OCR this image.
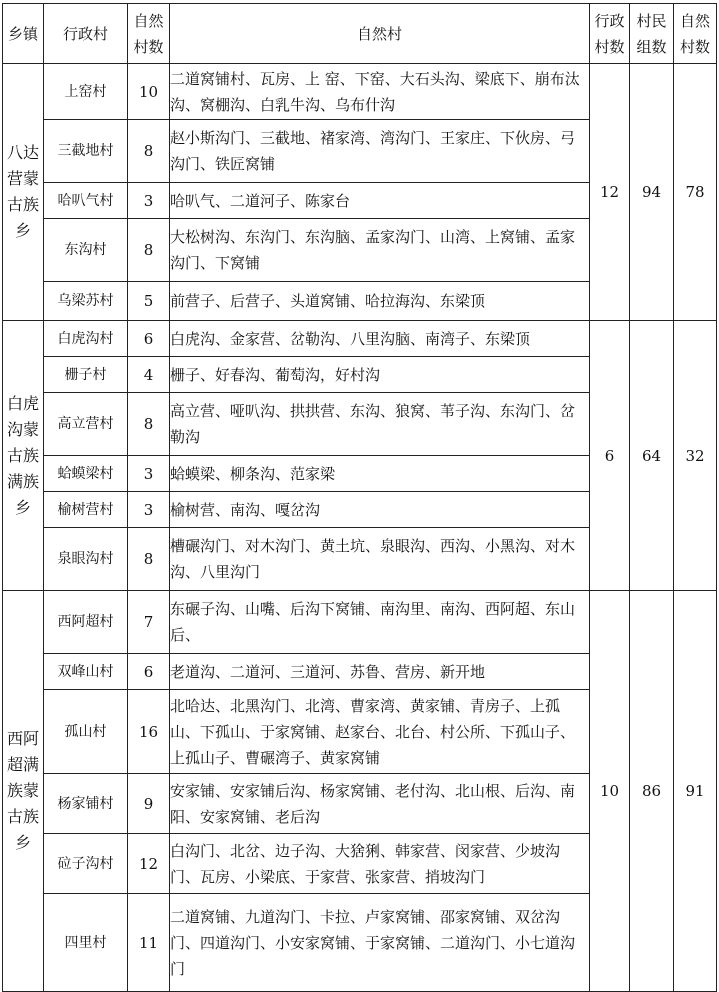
乡镇	行政村	自然村数	自然村	行政村数	村民组数	自然村数
八达营蒙古族乡	上窑村	10	二道窝铺村、瓦房、上 窑、下窑、大石头沟、梁底下、崩布汰沟、窝棚沟、白乳牛沟、乌布什沟	12	94	78
	三截地村	8	赵小斯沟门、三截地、褚家湾、湾沟门、王家庄、下伙房、弓沟门、铁匠窝铺			
	哈叭气村	3	哈叭气、二道河子、陈家台			
	东沟村	8	大松树沟、东沟门、东沟脑、孟家沟门、山湾、上窝铺、孟家沟门、下窝铺			
	乌梁苏村	5	前营子、后营子、头道窝铺、哈拉海沟、东梁顶			
白虎沟蒙古族满族乡	白虎沟村	6	白虎沟、金家营、岔勒沟、八里沟脑、南湾子、东梁顶	6	64	32
	栅子村	4	栅子、好春沟、葡萄沟，好村沟			
	高立营村	8	高立营、哑叭沟、拱拱营、东沟、狼窝、苇子沟、东沟门、岔勒沟			
	蛤蟆梁村	3	蛤蟆梁、柳条沟、范家梁			
	榆树营村	3	榆树营、南沟、嘎岔沟			
	泉眼沟村	8	槽碾沟门、对木沟门、黄土坑、泉眼沟、西沟、小黑沟、对木沟、八里沟门			
西阿超满族蒙古族乡	西阿超村	7	东碾子沟、山嘴、后沟下窝铺、南沟里、南沟、西阿超、东山后、	10	86	91
	双峰山村	6	老道沟、二道河、三道河、苏鲁、营房、新开地			
	孤山村	16	北哈达、北黑沟门、北湾、曹家湾、黄家铺、青房子、上孤山、下孤山、于家窝铺、赵家台、北台、村公所、下孤山子、上孤山子、曹碾湾子、黄家窝铺			
	杨家铺村	9	安家铺、安家铺后沟、杨家窝铺、老付沟、北山根、后沟、南阳、安家窝铺、老后沟			
	砬子沟村	12	白沟门、北岔、边子沟、大猞猁、韩家营、闵家营、少坡沟门、瓦房、小梁底、于家营、张家营、捎坡沟门			
	四里村	11	二道窝铺、九道沟门、卡拉、卢家窝铺、邵家窝铺、双岔沟门、四道沟门、小安家窝铺、于家窝铺、二道沟门、小七道沟门			
